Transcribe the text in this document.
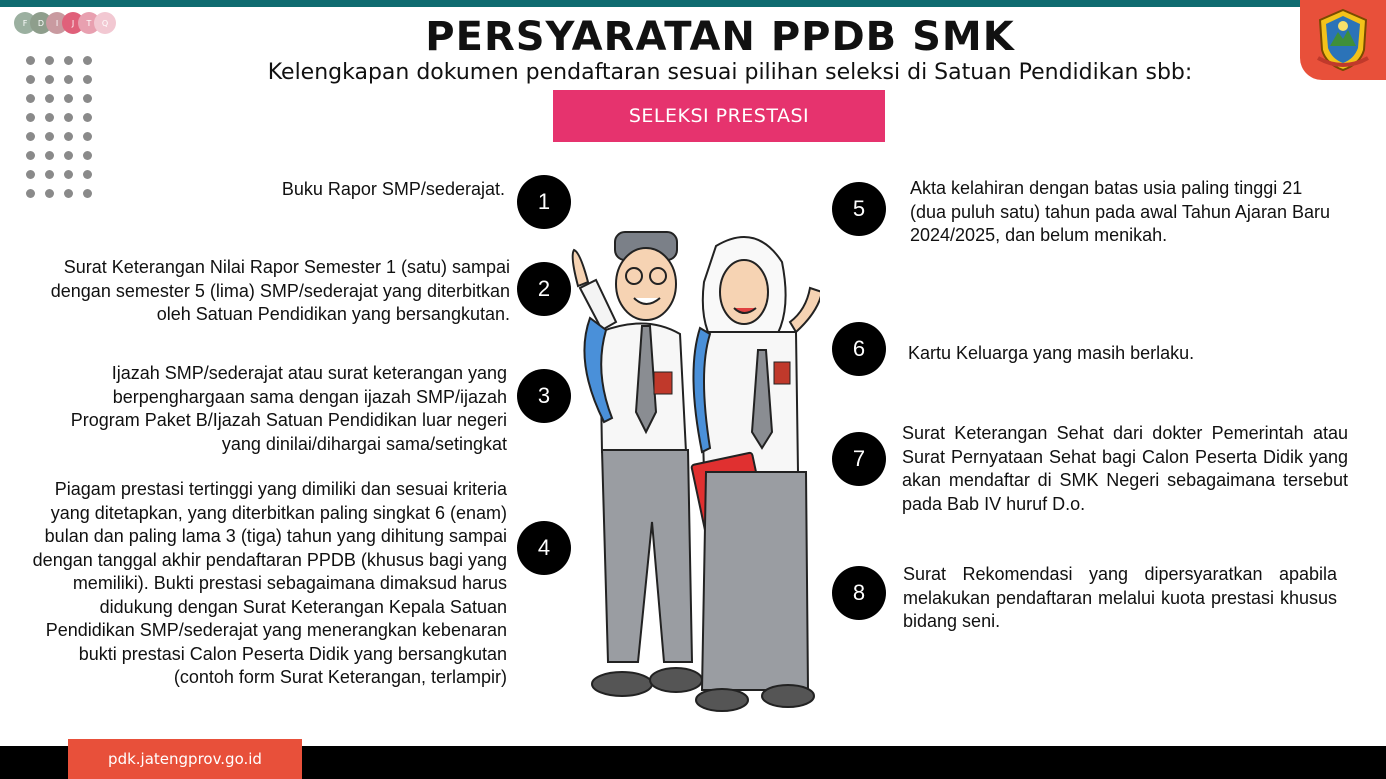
F	D	I	J	T	Q	PERSYARATAN PPDB SMK
Kelengkapan dokumen pendaftaran sesuai pilihan seleksi di Satuan Pendidikan sbb:
SELEKSI PRESTASI
Buku Rapor SMP/sederajat.	1
Surat Keterangan Nilai Rapor Semester 1 (satu) sampai dengan semester 5 (lima) SMP/sederajat yang diterbitkan oleh Satuan Pendidikan yang bersangkutan.
2
Ijazah SMP/sederajat atau surat keterangan yang berpenghargaan sama dengan ijazah SMP/ijazah Program Paket B/Ijazah Satuan Pendidikan luar negeri yang dinilai/dihargai sama/setingkat
3
Piagam prestasi tertinggi yang dimiliki dan sesuai kriteria yang ditetapkan, yang diterbitkan paling singkat 6 (enam) bulan dan paling lama 3 (tiga) tahun yang dihitung sampai dengan tanggal akhir pendaftaran PPDB (khusus bagi yang memiliki). Bukti prestasi sebagaimana dimaksud harus didukung dengan Surat Keterangan Kepala Satuan Pendidikan SMP/sederajat yang menerangkan kebenaran bukti prestasi Calon Peserta Didik yang bersangkutan (contoh form Surat Keterangan, terlampir)
4
5
Akta kelahiran dengan batas usia paling tinggi 21 (dua puluh satu) tahun pada awal Tahun Ajaran Baru 2024/2025, dan belum menikah.
6	Kartu Keluarga yang masih berlaku.
7
Surat Keterangan Sehat dari dokter Pemerintah atau Surat Pernyataan Sehat bagi Calon Peserta Didik yang akan mendaftar di SMK Negeri sebagaimana tersebut pada Bab IV huruf D.o.
8
Surat Rekomendasi yang dipersyaratkan apabila melakukan pendaftaran melalui kuota prestasi khusus bidang seni.
pdk.jatengprov.go.id
